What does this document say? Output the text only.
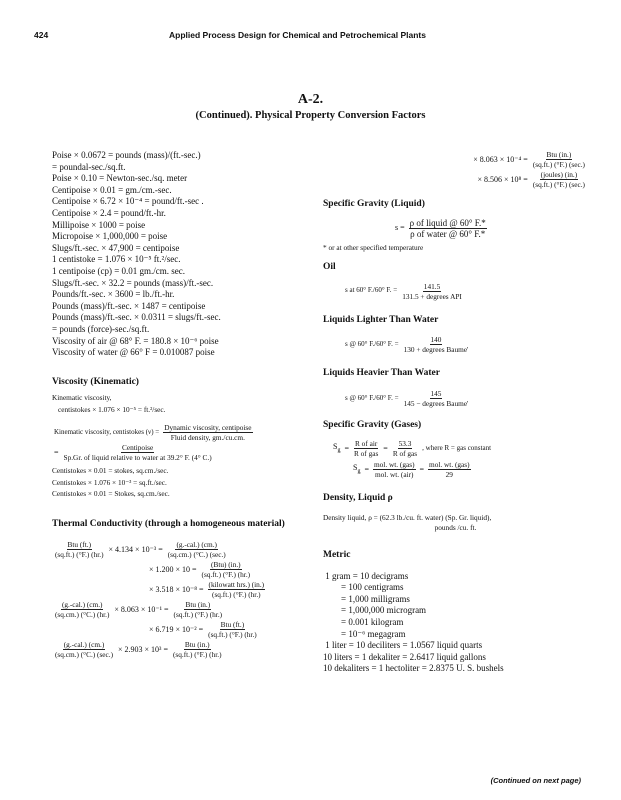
424	Applied Process Design for Chemical and Petrochemical Plants
A-2.
(Continued). Physical Property Conversion Factors
Poise × 0.0672 = pounds (mass)/(ft.-sec.)
= poundal-sec./sq.ft.
Poise × 0.10 = Newton-sec./sq. meter
Centipoise × 0.01 = gm./cm.-sec.
Centipoise × 6.72 × 10⁻⁴ = pound/ft.-sec .
Centipoise × 2.4 = pound/ft.-hr.
Millipoise × 1000 = poise
Micropoise × 1,000,000 = poise
Slugs/ft.-sec. × 47,900 = centipoise
1 centistoke = 1.076 × 10⁻⁵ ft.²/sec.
1 centipoise (cp) = 0.01 gm./cm. sec.
Slugs/ft.-sec. × 32.2 = pounds (mass)/ft.-sec.
Pounds/ft.-sec. × 3600 = lb./ft.-hr.
Pounds (mass)/ft.-sec. × 1487 = centipoise
Pounds (mass)/ft.-sec. × 0.0311 = slugs/ft.-sec.
= pounds (force)-sec./sq.ft.
Viscosity of air @ 68° F. = 180.8 × 10⁻⁶ poise
Viscosity of water @ 66° F = 0.010087 poise
Viscosity (Kinematic)
Kinematic viscosity,
centistokes × 1.076 × 10⁻⁵ = ft.²/sec.
Kinematic viscosity, centistokes $(\nu) = \frac{\text{Dynamic viscosity, centipoise}}{\text{Fluid density, gm./cu.cm.}}$
= $\frac{\text{Centipoise}}{\text{Sp.Gr. of liquid relative to water at 39.2° F. (4° C.)}}$
Centistokes × 0.01 = stokes, sq.cm./sec.
Centistokes × 1.076 × 10⁻³ = sq.ft./sec.
Centistokes × 0.01 = Stokes, sq.cm./sec.
Thermal Conductivity (through a homogeneous material)
$\frac{\text{Btu (ft.)}}{(sq.ft.) (^\circ F.) (hr.)} \times 4.134 \times 10^{-3} = \frac{\text{(g.-cal.) (cm.)}}{(sq.cm.) (^\circ C.) (\sec.)}$
× $1.200 \times 10 = \frac{\text{(Btu) (in.)}}{(sq.ft.) (^\circ F.) (hr.)}$
× $3.518 \times 10^{-8} = \frac{\text{(kilowatt hrs.) (in.)}}{(sq.ft.) (^\circ F.) (hr.)}$
$\frac{\text{(g.-cal.) (cm.)}}{(sq.cm.) (^\circ C.) (hr.)} \times 8.063 \times 10^{-1} = \frac{\text{Btu (in.)}}{(sq.ft.) (^\circ F.) (hr.)}$
× $6.719 \times 10^{-2} = \frac{\text{Btu (ft.)}}{(sq.ft.) (^\circ F.) (hr.)}$
$\frac{\text{(g.-cal.) (cm.)}}{(sq.cm.) (^\circ C.) (\sec.)} \times 2.903 \times 10^3 = \frac{\text{Btu (in.)}}{(sq.ft.) (^\circ F.) (hr.)}$
× $8.063 \times 10^{-4} = \frac{\text{Btu (in.)}}{(sq.ft.) (^\circ F.) (\sec.)}$
× $8.506 \times 10^8 = \frac{\text{(joules) (in.)}}{(sq.ft.) (^\circ F.) (\sec.)}$
Specific Gravity (Liquid)
$s = \frac{\text{ρ of liquid @ 60° F.*}}{\text{ρ of water @ 60° F.*}}$
* or at other specified temperature
Oil
s at 60° F./60° F. = $\frac{141.5}{\text{131.5 + degrees API}}$
Liquids Lighter Than Water
s @ 60° F./60° F. = $\frac{140}{\text{130 + degrees Baume'}}$
Liquids Heavier Than Water
s @ 60° F./60° F. = $\frac{145}{\text{145 − degrees Baume'}}$
Specific Gravity (Gases)
$S_g = \frac{\text{R of air}}{\text{R of gas}} = \frac{53.3}{\text{R of gas}}$ , where R = gas constant
$S_g = \frac{\text{mol. wt. (gas)}}{\text{mol. wt. (air)}} = \frac{\text{mol. wt. (gas)}}{29}$
Density, Liquid ρ
Density liquid, ρ = (62.3 lb./cu. ft. water) (Sp. Gr. liquid),
pounds /cu. ft.
Metric
1 gram = 10 decigrams
= 100 centigrams
= 1,000 milligrams
= 1,000,000 microgram
= 0.001 kilogram
= 10⁻⁶ megagram
1 liter = 10 deciliters = 1.0567 liquid quarts
10 liters = 1 dekaliter = 2.6417 liquid gallons
10 dekaliters = 1 hectoliter = 2.8375 U. S. bushels
(Continued on next page)
